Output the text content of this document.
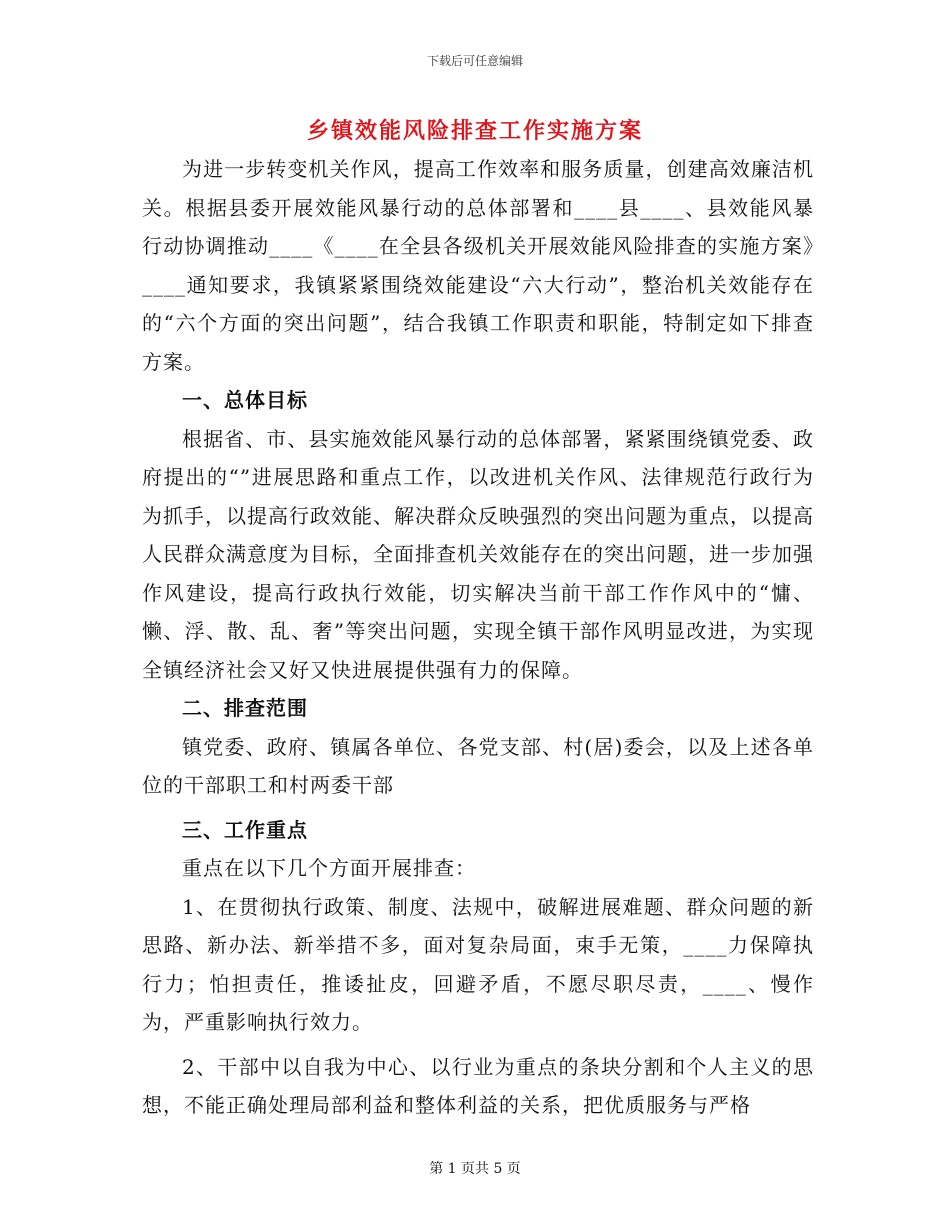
下载后可任意编辑
乡镇效能风险排查工作实施方案

为进一步转变机关作风，提高工作效率和服务质量，创建高效廉洁机关。根据县委开展效能风暴行动的总体部署和____县____、县效能风暴行动协调推动____《____在全县各级机关开展效能风险排查的实施方案》____通知要求，我镇紧紧围绕效能建设“六大行动”，整治机关效能存在的“六个方面的突出问题”，结合我镇工作职责和职能，特制定如下排查方案。

一、总体目标

根据省、市、县实施效能风暴行动的总体部署，紧紧围绕镇党委、政府提出的“”进展思路和重点工作，以改进机关作风、法律规范行政行为为抓手，以提高行政效能、解决群众反映强烈的突出问题为重点，以提高人民群众满意度为目标，全面排查机关效能存在的突出问题，进一步加强作风建设，提高行政执行效能，切实解决当前干部工作作风中的“慵、懒、浮、散、乱、奢”等突出问题，实现全镇干部作风明显改进，为实现全镇经济社会又好又快进展提供强有力的保障。

二、排查范围

镇党委、政府、镇属各单位、各党支部、村(居)委会，以及上述各单位的干部职工和村两委干部

三、工作重点

重点在以下几个方面开展排查：

1、在贯彻执行政策、制度、法规中，破解进展难题、群众问题的新思路、新办法、新举措不多，面对复杂局面，束手无策，____力保障执行力；怕担责任，推诿扯皮，回避矛盾，不愿尽职尽责，____、慢作为，严重影响执行效力。

2、干部中以自我为中心、以行业为重点的条块分割和个人主义的思想，不能正确处理局部利益和整体利益的关系，把优质服务与严格

第 1 页共 5 页
